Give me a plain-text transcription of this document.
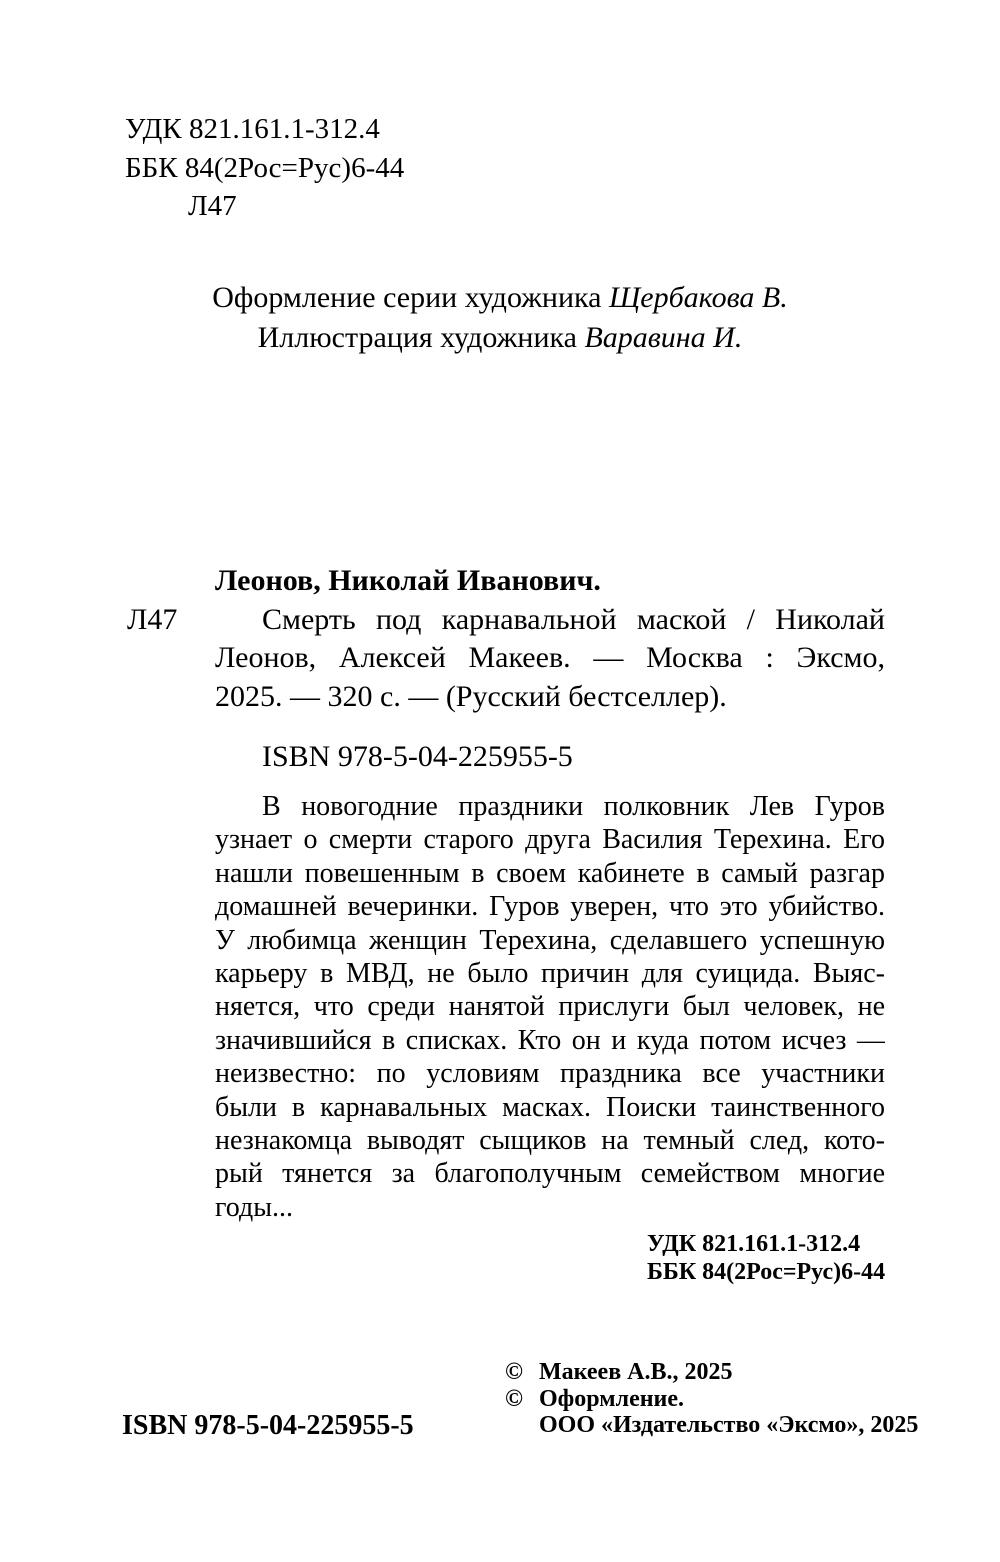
УДК 821.161.1-312.4
ББК 84(2Рос=Рус)6-44
Л47
Оформление серии художника Щербакова В.
Иллюстрация художника Варавина И.
Л47
Леонов, Николай Иванович.
Смерть под карнавальной маской / Николай
Леонов, Алексей Макеев. — Москва : Эксмо,
2025. — 320 с. — (Русский бестселлер).
ISBN 978-5-04-225955-5
В новогодние праздники полковник Лев Гуров
узнает о смерти старого друга Василия Терехина. Его
нашли повешенным в своем кабинете в самый разгар
домашней вечеринки. Гуров уверен, что это убийство.
У любимца женщин Терехина, сделавшего успешную
карьеру в МВД, не было причин для суицида. Выяс-
няется, что среди нанятой прислуги был человек, не
значившийся в списках. Кто он и куда потом исчез —
неизвестно: по условиям праздника все участники
были в карнавальных масках. Поиски таинственного
незнакомца выводят сыщиков на темный след, кото-
рый тянется за благополучным семейством многие
годы...
УДК 821.161.1-312.4
ББК 84(2Рос=Рус)6-44
© Макеев А.В., 2025
© Оформление.
ООО «Издательство «Эксмо», 2025
ISBN 978-5-04-225955-5
